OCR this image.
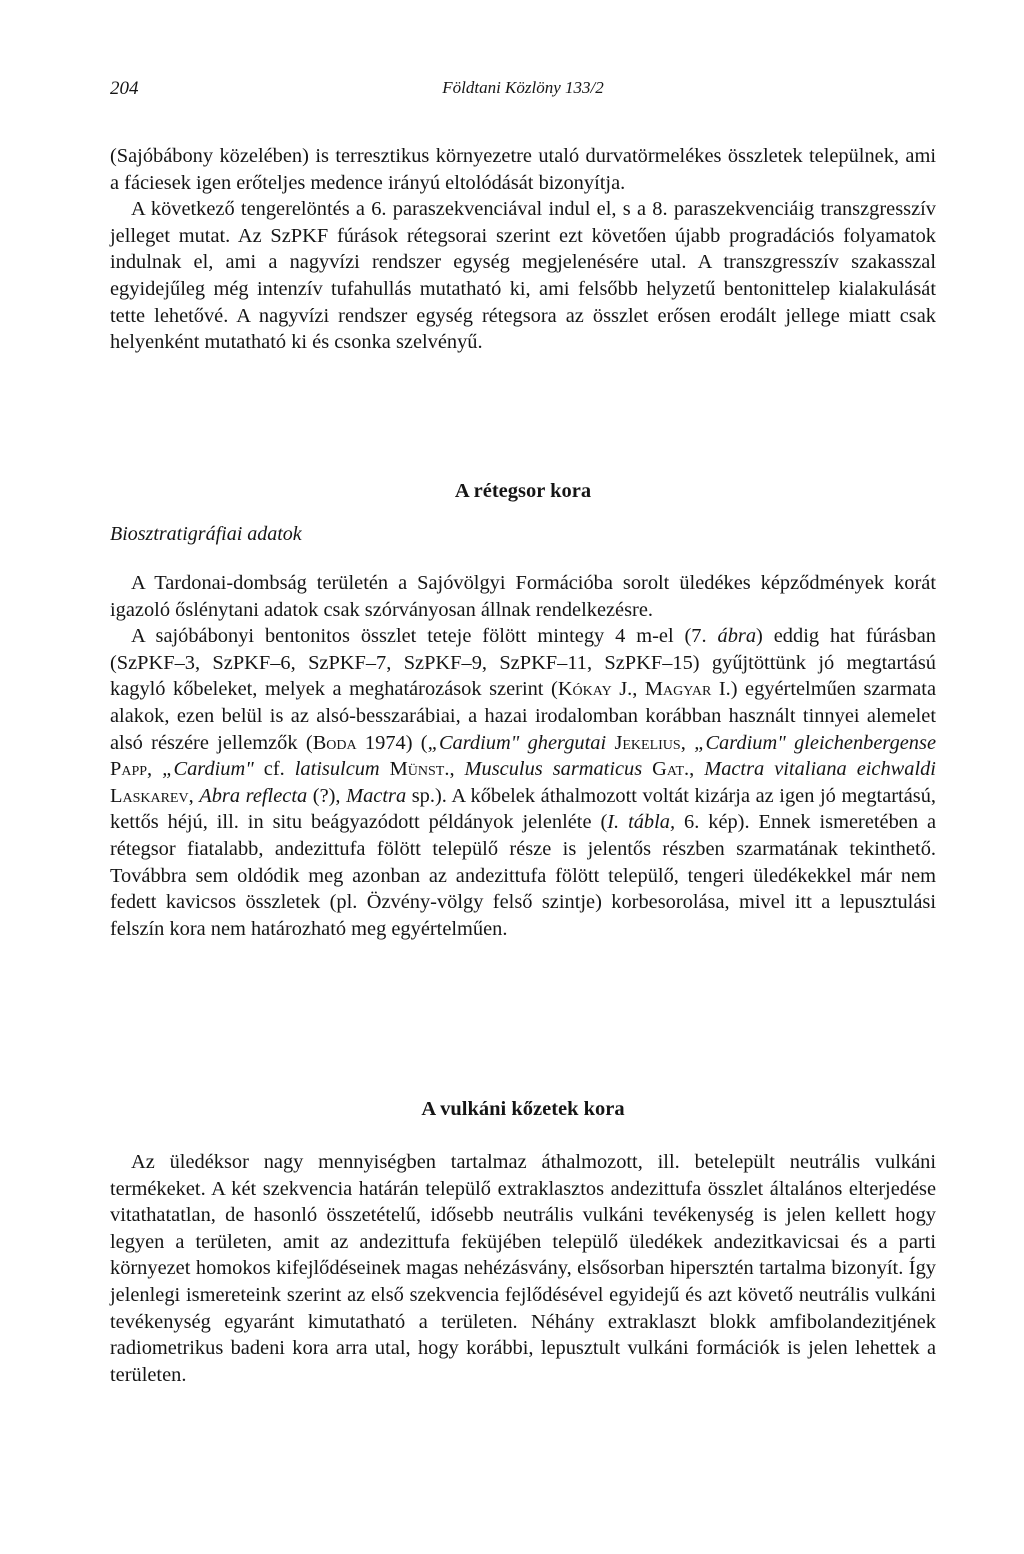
204	Földtani Közlöny 133/2

(Sajóbábony közelében) is terresztikus környezetre utaló durvatörmelékes összletek települnek, ami a fáciesek igen erőteljes medence irányú eltolódását bizonyítja.

A következő tengerelöntés a 6. paraszekvenciával indul el, s a 8. paraszekvenciáig transzgresszív jelleget mutat. Az SzPKF fúrások rétegsorai szerint ezt követően újabb progradációs folyamatok indulnak el, ami a nagyvízi rendszer egység megjelenésére utal. A transzgresszív szakasszal egyidejűleg még intenzív tufahullás mutatható ki, ami felsőbb helyzetű bentonittelep kialakulását tette lehetővé. A nagyvízi rendszer egység rétegsora az összlet erősen erodált jellege miatt csak helyenként mutatható ki és csonka szelvényű.

A rétegsor kora
Biosztratigráfiai adatok

A Tardonai-dombság területén a Sajóvölgyi Formációba sorolt üledékes képződmények korát igazoló őslénytani adatok csak szórványosan állnak rendelkezésre.

A sajóbábonyi bentonitos összlet teteje fölött mintegy 4 m-el (7. ábra) eddig hat fúrásban (SzPKF–3, SzPKF–6, SzPKF–7, SzPKF–9, SzPKF–11, SzPKF–15) gyűjtöttünk jó megtartású kagyló kőbeleket, melyek a meghatározások szerint (Kókay J., Magyar I.) egyértelműen szarmata alakok, ezen belül is az alsó-besszarábiai, a hazai irodalomban korábban használt tinnyei alemelet alsó részére jellemzők (Boda 1974) („Cardium" ghergutai Jekelius, „Cardium" gleichenbergense Papp, „Cardium" cf. latisulcum Münst., Musculus sarmaticus Gat., Mactra vitaliana eichwaldi Laskarev, Abra reflecta (?), Mactra sp.). A kőbelek áthalmozott voltát kizárja az igen jó megtartású, kettős héjú, ill. in situ beágyazódott példányok jelenléte (I. tábla, 6. kép). Ennek ismeretében a rétegsor fiatalabb, andezittufa fölött települő része is jelentős részben szarmatának tekinthető. Továbbra sem oldódik meg azonban az andezittufa fölött települő, tengeri üledékekkel már nem fedett kavicsos összletek (pl. Özvény-völgy felső szintje) korbesorolása, mivel itt a lepusztulási felszín kora nem határozható meg egyértelműen.

A vulkáni kőzetek kora

Az üledéksor nagy mennyiségben tartalmaz áthalmozott, ill. betelepült neutrális vulkáni termékeket. A két szekvencia határán települő extraklasztos andezittufa összlet általános elterjedése vitathatatlan, de hasonló összetételű, idősebb neutrális vulkáni tevékenység is jelen kellett hogy legyen a területen, amit az andezittufa feküjében települő üledékek andezitkavicsai és a parti környezet homokos kifejlődéseinek magas nehézásvány, elsősorban hipersztén tartalma bizonyít. Így jelenlegi ismereteink szerint az első szekvencia fejlődésével egyidejű és azt követő neutrális vulkáni tevékenység egyaránt kimutatható a területen. Néhány extraklaszt blokk amfibolandezitjének radiometrikus badeni kora arra utal, hogy korábbi, lepusztult vulkáni formációk is jelen lehettek a területen.
